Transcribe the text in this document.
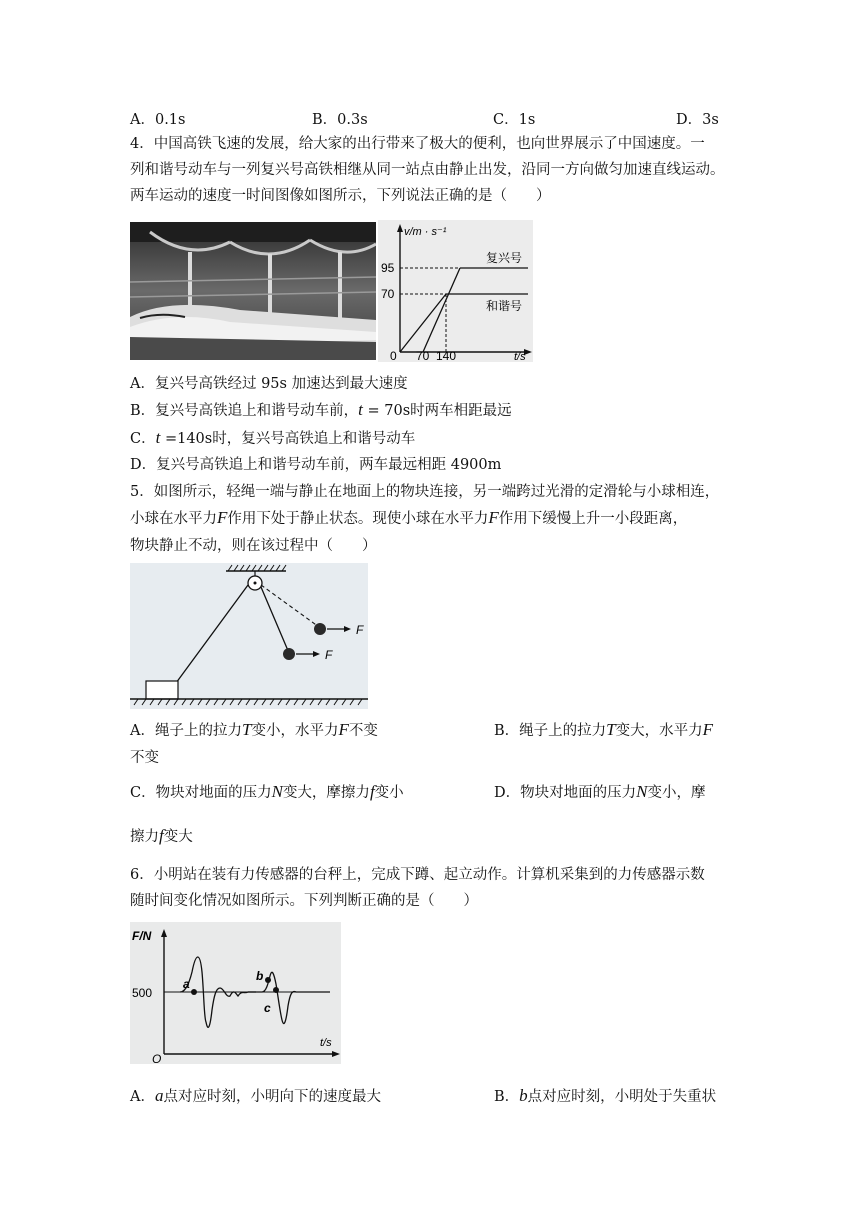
A．0.1s	B．0.3s	C．1s	D．3s
4．中国高铁飞速的发展，给大家的出行带来了极大的便利，也向世界展示了中国速度。一
列和谐号动车与一列复兴号高铁相继从同一站点由静止出发，沿同一方向做匀加速直线运动。
两车运动的速度一时间图像如图所示，下列说法正确的是（　　）
v/m · s⁻¹
95
70
0 70 140	t/s
复兴号
和谐号
A．复兴号高铁经过 95s 加速达到最大速度
B．复兴号高铁追上和谐号动车前，t = 70s时两车相距最远
C．t =140s时，复兴号高铁追上和谐号动车
D．复兴号高铁追上和谐号动车前，两车最远相距 4900m
5．如图所示，轻绳一端与静止在地面上的物块连接，另一端跨过光滑的定滑轮与小球相连，
小球在水平力F作用下处于静止状态。现使小球在水平力F作用下缓慢上升一小段距离，
物块静止不动，则在该过程中（　　）
F
F
A．绳子上的拉力T变小，水平力F不变	B．绳子上的拉力T变大，水平力F
不变
C．物块对地面的压力N变大，摩擦力f变小	D．物块对地面的压力N变小，摩
擦力f变大
6．小明站在装有力传感器的台秤上，完成下蹲、起立动作。计算机采集到的力传感器示数
随时间变化情况如图所示。下列判断正确的是（　　）
F/N
500
O
t/s
a
b
c
A．a点对应时刻，小明向下的速度最大	B．b点对应时刻，小明处于失重状
